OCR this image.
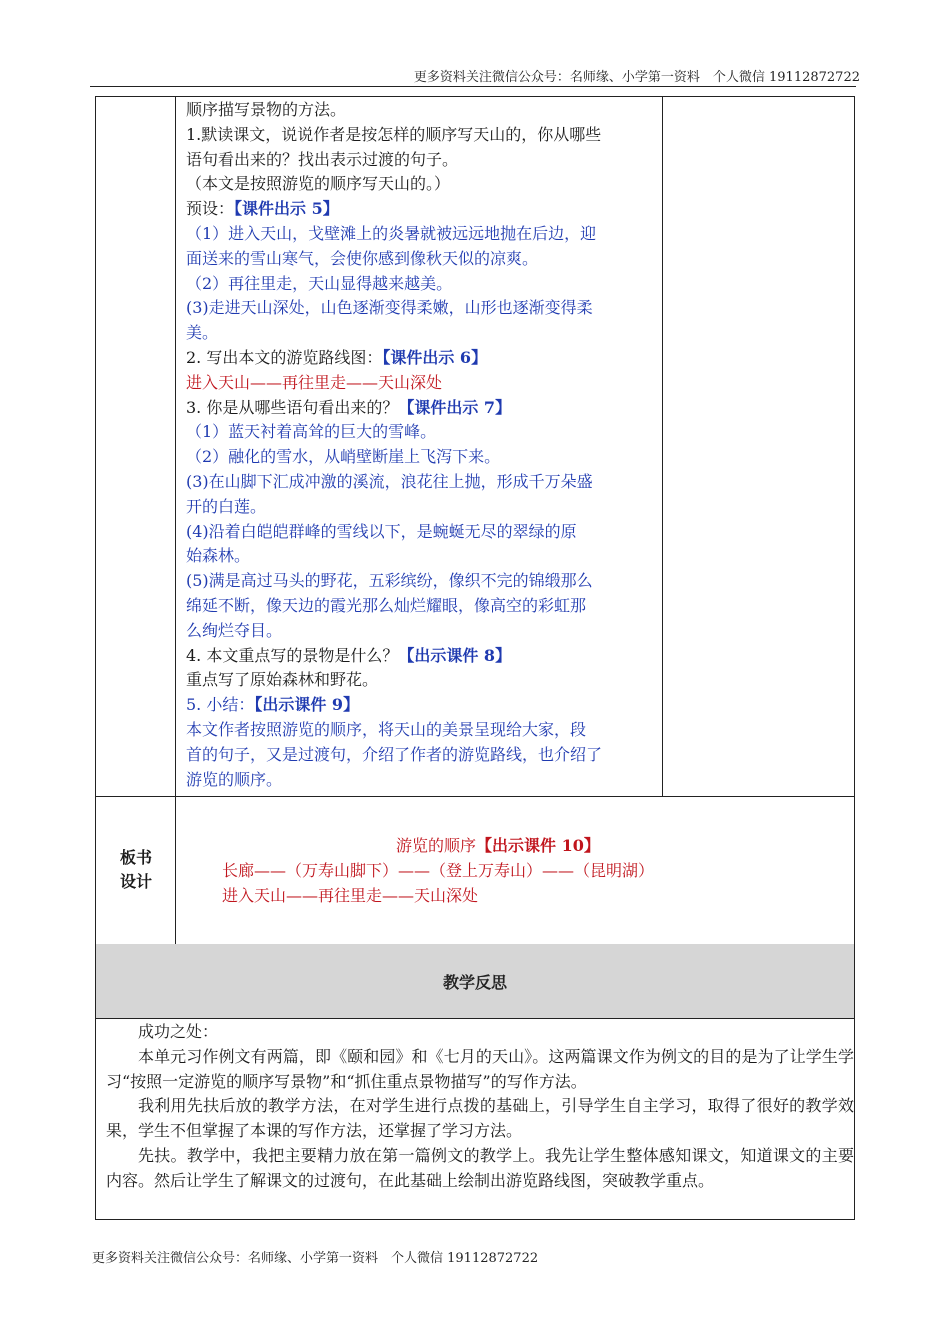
更多资料关注微信公众号：名师缘、小学第一资料　个人微信 19112872722
顺序描写景物的方法。
1.默读课文，说说作者是按怎样的顺序写天山的，你从哪些
语句看出来的？找出表示过渡的句子。
（本文是按照游览的顺序写天山的。）
预设：【课件出示 5】
（1）进入天山，戈壁滩上的炎暑就被远远地抛在后边，迎
面送来的雪山寒气，会使你感到像秋天似的凉爽。
（2）再往里走，天山显得越来越美。
(3)走进天山深处，山色逐渐变得柔嫩，山形也逐渐变得柔
美。
2. 写出本文的游览路线图：【课件出示 6】
进入天山——再往里走——天山深处
3. 你是从哪些语句看出来的？【课件出示 7】
（1）蓝天衬着高耸的巨大的雪峰。
（2）融化的雪水，从峭壁断崖上飞泻下来。
(3)在山脚下汇成冲激的溪流，浪花往上抛，形成千万朵盛
开的白莲。
(4)沿着白皑皑群峰的雪线以下，是蜿蜒无尽的翠绿的原
始森林。
(5)满是高过马头的野花，五彩缤纷，像织不完的锦缎那么
绵延不断，像天边的霞光那么灿烂耀眼，像高空的彩虹那
么绚烂夺目。
4. 本文重点写的景物是什么？【出示课件 8】
重点写了原始森林和野花。
5. 小结：【出示课件 9】
本文作者按照游览的顺序，将天山的美景呈现给大家，段
首的句子，又是过渡句，介绍了作者的游览路线，也介绍了
游览的顺序。
板书
设计
游览的顺序【出示课件 10】
长廊——（万寿山脚下）——（登上万寿山）——（昆明湖）
进入天山——再往里走——天山深处
教学反思

成功之处：

本单元习作例文有两篇，即《颐和园》和《七月的天山》。这两篇课文作为例文的目的是为了让学生学习“按照一定游览的顺序写景物”和“抓住重点景物描写”的写作方法。

我利用先扶后放的教学方法，在对学生进行点拨的基础上，引导学生自主学习，取得了很好的教学效果，学生不但掌握了本课的写作方法，还掌握了学习方法。

先扶。教学中，我把主要精力放在第一篇例文的教学上。我先让学生整体感知课文，知道课文的主要内容。然后让学生了解课文的过渡句，在此基础上绘制出游览路线图，突破教学重点。

更多资料关注微信公众号：名师缘、小学第一资料　个人微信 19112872722
